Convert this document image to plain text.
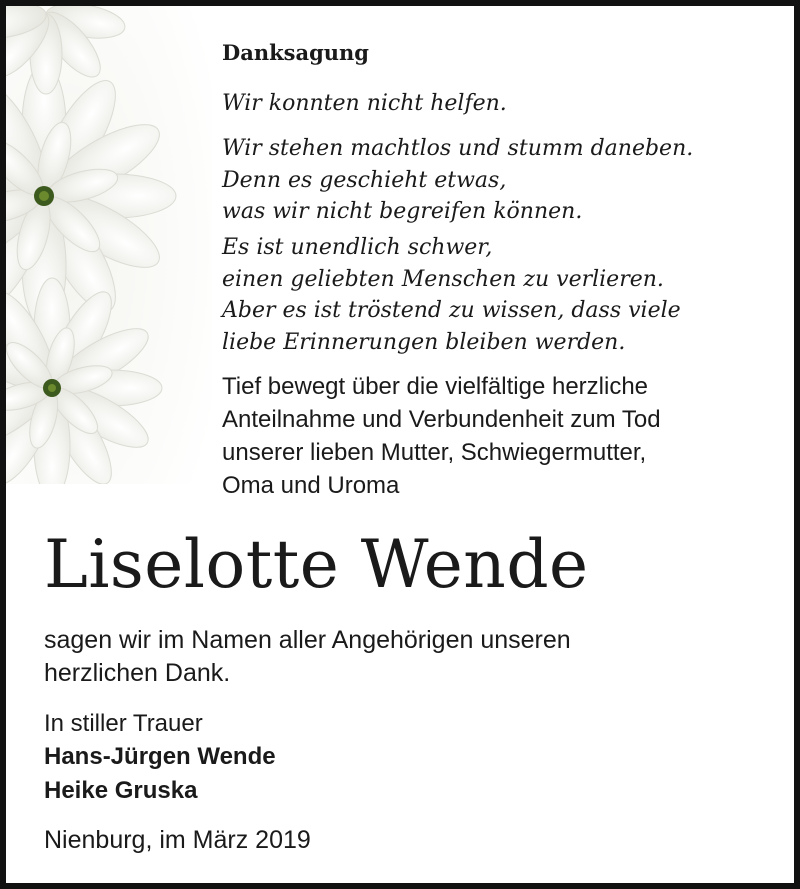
Danksagung
Wir konnten nicht helfen.
Wir stehen machtlos und stumm daneben.
Denn es geschieht etwas,
was wir nicht begreifen können.
Es ist unendlich schwer,
einen geliebten Menschen zu verlieren.
Aber es ist tröstend zu wissen, dass viele
liebe Erinnerungen bleiben werden.
Tief bewegt über die vielfältige herzliche
Anteilnahme und Verbundenheit zum Tod
unserer lieben Mutter, Schwiegermutter,
Oma und Uroma
Liselotte Wende
sagen wir im Namen aller Angehörigen unseren
herzlichen Dank.
In stiller Trauer
Hans-Jürgen Wende
Heike Gruska
Nienburg, im März 2019
